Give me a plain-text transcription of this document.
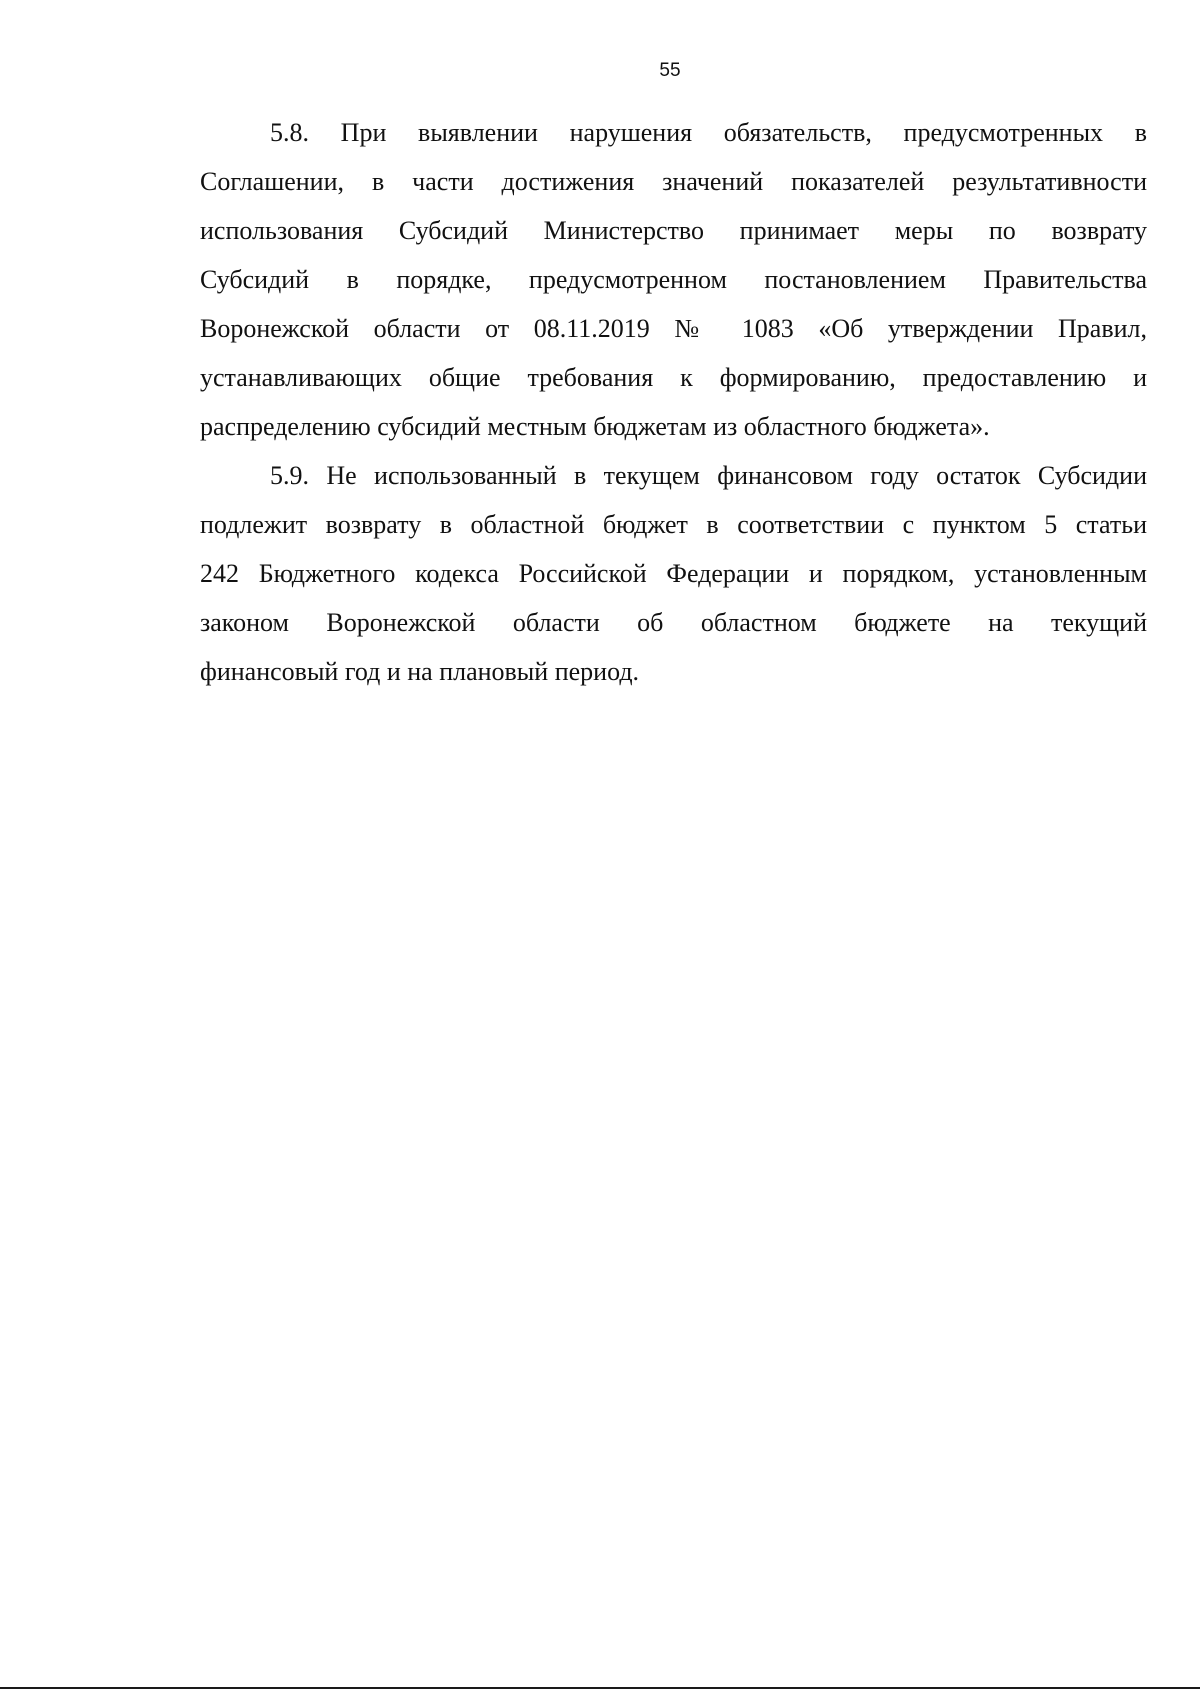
55

5.8. При выявлении нарушения обязательств, предусмотренных в
Соглашении, в части достижения значений показателей результативности
использования Субсидий Министерство принимает меры по возврату
Субсидий в порядке, предусмотренном постановлением Правительства
Воронежской области от 08.11.2019 № 1083 «Об утверждении Правил,
устанавливающих общие требования к формированию, предоставлению и
распределению субсидий местным бюджетам из областного бюджета».

5.9. Не использованный в текущем финансовом году остаток Субсидии
подлежит возврату в областной бюджет в соответствии с пунктом 5 статьи
242 Бюджетного кодекса Российской Федерации и порядком, установленным
законом Воронежской области об областном бюджете на текущий
финансовый год и на плановый период.
